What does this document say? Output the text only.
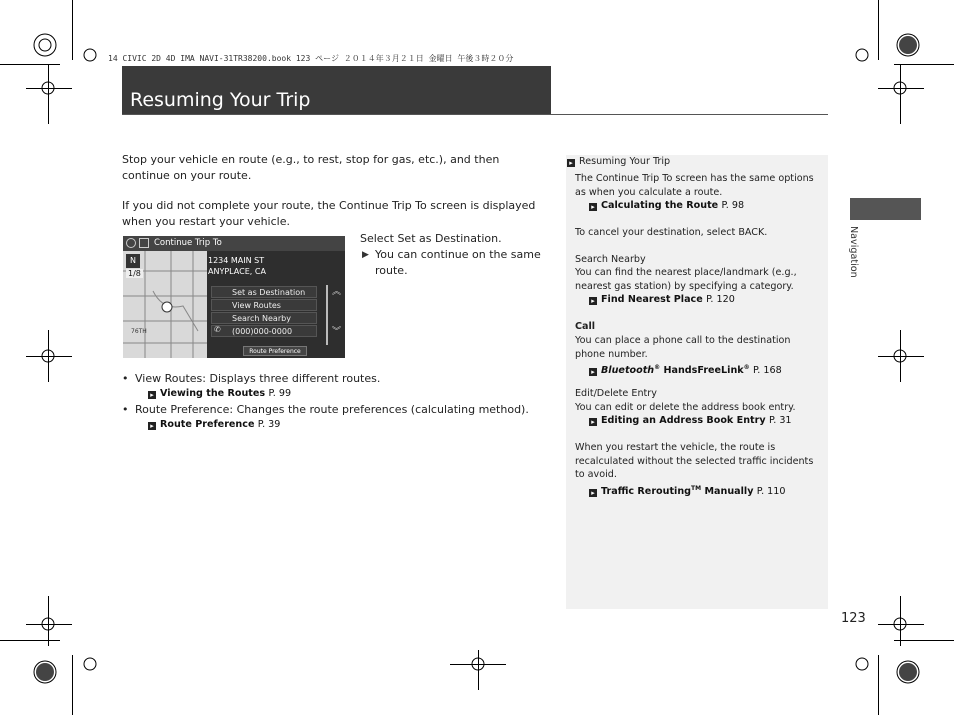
14 CIVIC 2D 4D IMA NAVI-31TR38200.book 123 ページ ２０１４年３月２１日 金曜日 午後３時２０分
Resuming Your Trip
Stop your vehicle en route (e.g., to rest, stop for gas, etc.), and then continue on your route.
If you did not complete your route, the Continue Trip To screen is displayed when you restart your vehicle.
Continue Trip To
N
1/8
76TH
1234 MAIN ST
ANYPLACE, CA
Set as Destination
View Routes
Search Nearby
(000)000-0000
✆
︽
︾
Route Preference
Select Set as Destination.
▶ You can continue on the same route.
• View Routes: Displays three different routes.
▸ Viewing the Routes P. 99
• Route Preference: Changes the route preferences (calculating method).
▸ Route Preference P. 39
▸ Resuming Your Trip
The Continue Trip To screen has the same options as when you calculate a route.
▸ Calculating the Route P. 98
To cancel your destination, select BACK.
Search Nearby
You can find the nearest place/landmark (e.g., nearest gas station) by specifying a category.
▸ Find Nearest Place P. 120
Call
You can place a phone call to the destination phone number.
▸ Bluetooth® HandsFreeLink® P. 168
Edit/Delete Entry
You can edit or delete the address book entry.
▸ Editing an Address Book Entry P. 31
When you restart the vehicle, the route is recalculated without the selected traffic incidents to avoid.
▸ Traffic Rerouting™ Manually P. 110
Navigation
123
